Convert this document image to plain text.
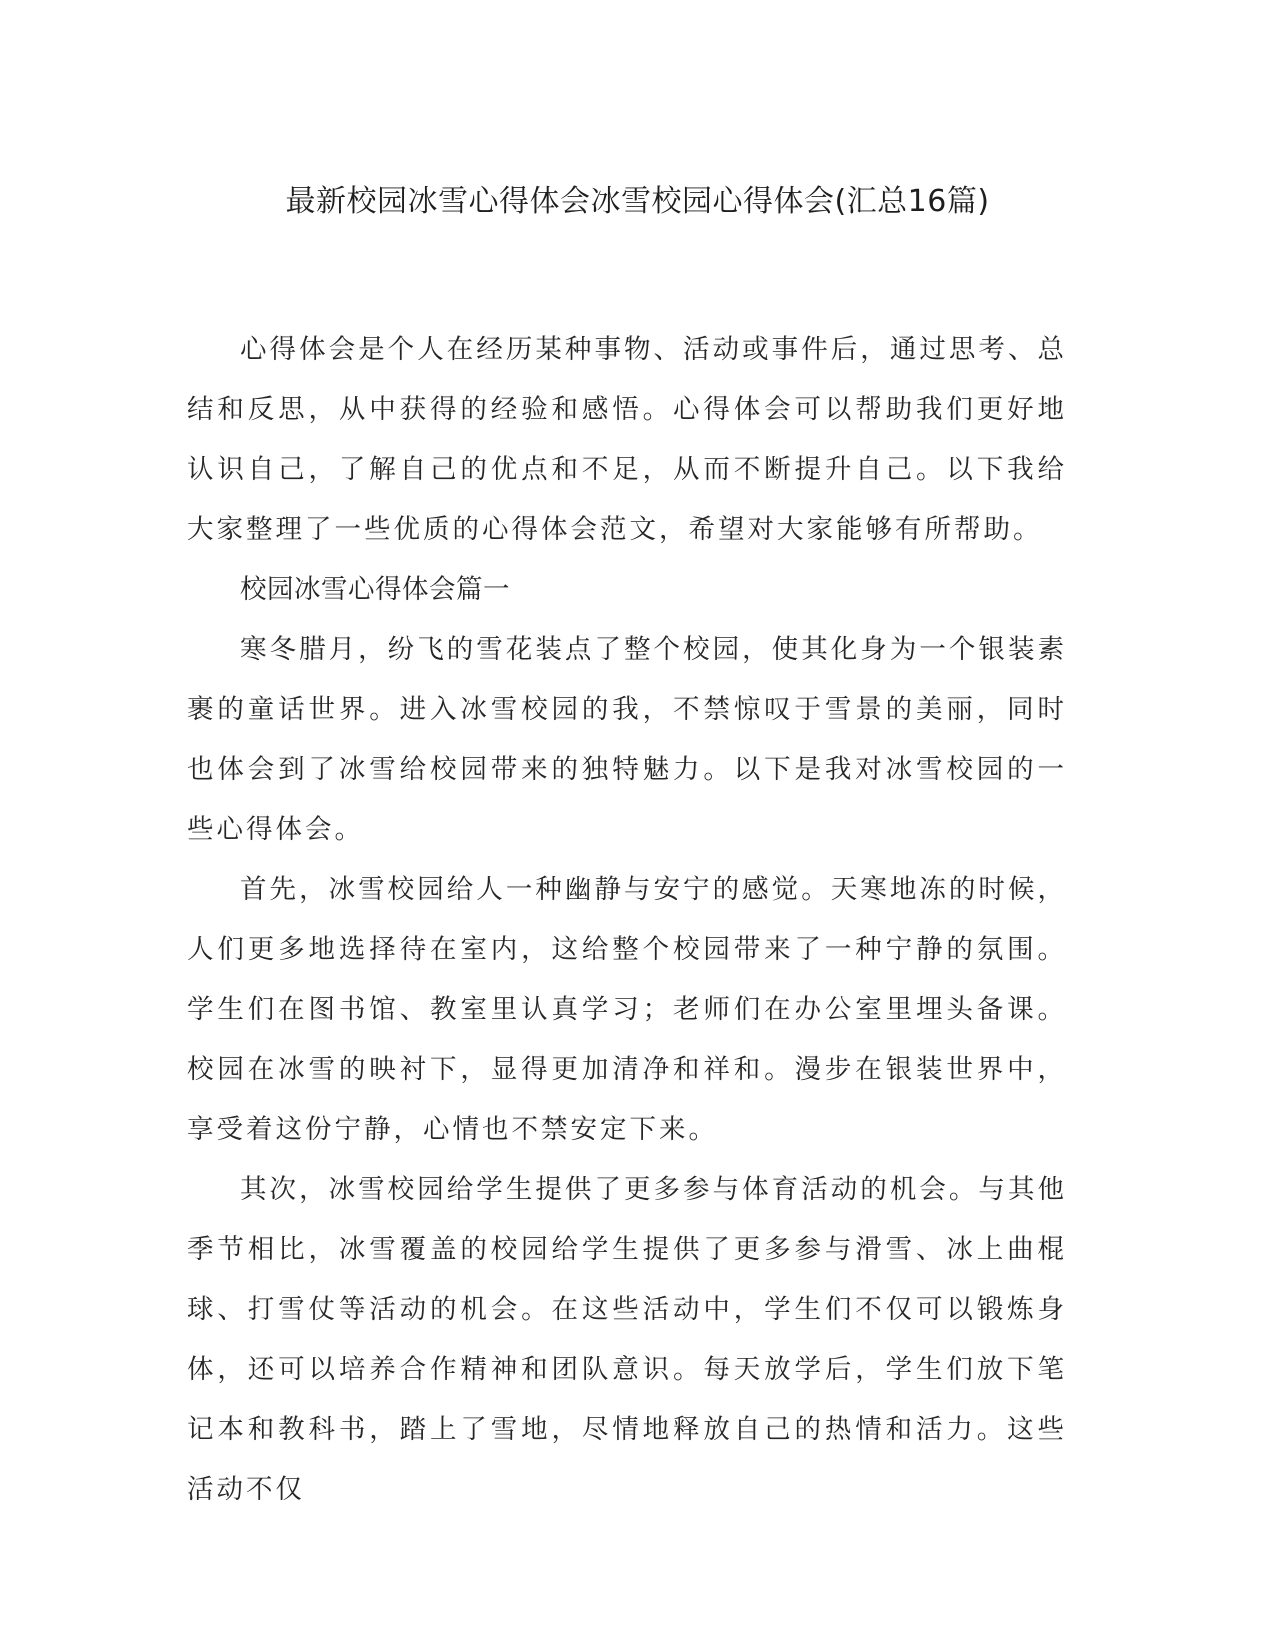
最新校园冰雪心得体会冰雪校园心得体会(汇总16篇)

心得体会是个人在经历某种事物、活动或事件后，通过思考、总结和反思，从中获得的经验和感悟。心得体会可以帮助我们更好地认识自己，了解自己的优点和不足，从而不断提升自己。以下我给大家整理了一些优质的心得体会范文，希望对大家能够有所帮助。

校园冰雪心得体会篇一

寒冬腊月，纷飞的雪花装点了整个校园，使其化身为一个银装素裹的童话世界。进入冰雪校园的我，不禁惊叹于雪景的美丽，同时也体会到了冰雪给校园带来的独特魅力。以下是我对冰雪校园的一些心得体会。

首先，冰雪校园给人一种幽静与安宁的感觉。天寒地冻的时候，人们更多地选择待在室内，这给整个校园带来了一种宁静的氛围。学生们在图书馆、教室里认真学习；老师们在办公室里埋头备课。校园在冰雪的映衬下，显得更加清净和祥和。漫步在银装世界中，享受着这份宁静，心情也不禁安定下来。

其次，冰雪校园给学生提供了更多参与体育活动的机会。与其他季节相比，冰雪覆盖的校园给学生提供了更多参与滑雪、冰上曲棍球、打雪仗等活动的机会。在这些活动中，学生们不仅可以锻炼身体，还可以培养合作精神和团队意识。每天放学后，学生们放下笔记本和教科书，踏上了雪地，尽情地释放自己的热情和活力。这些活动不仅
